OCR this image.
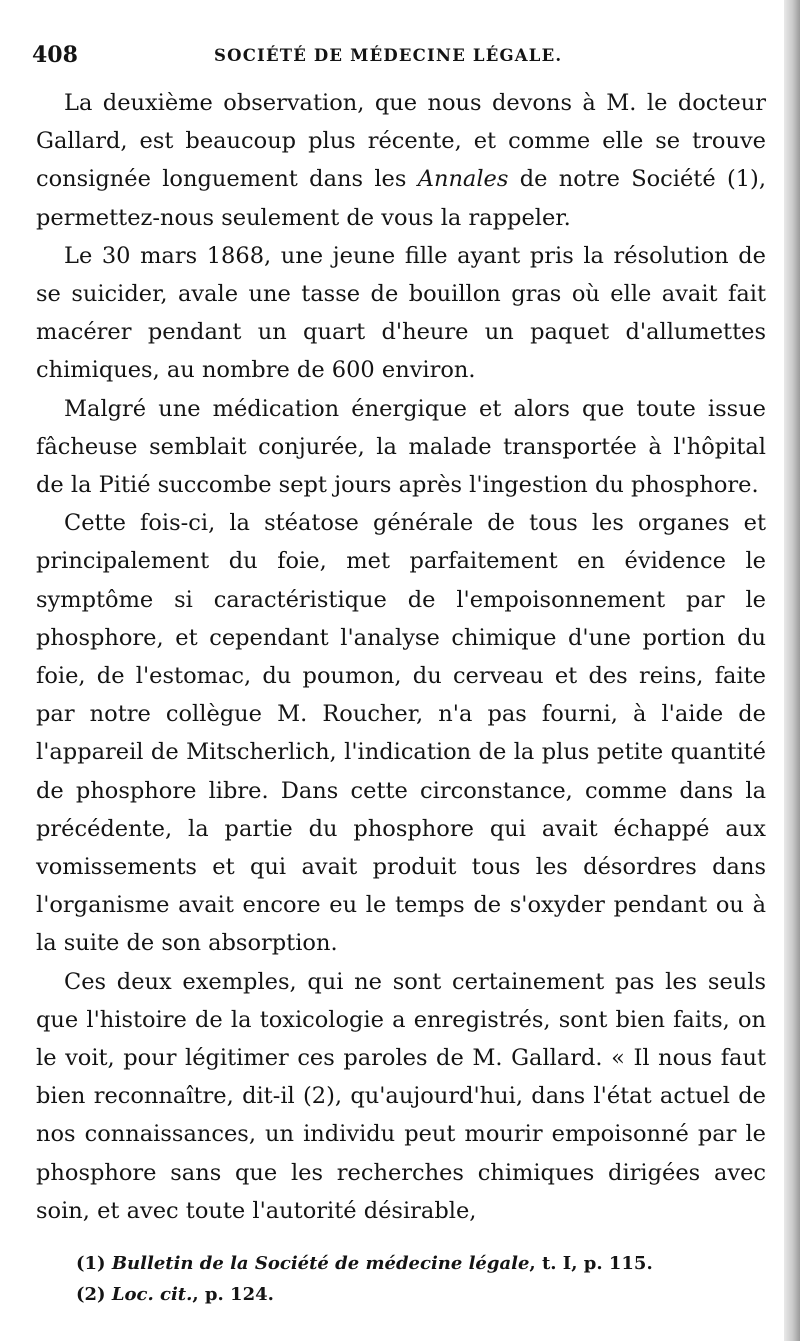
408	SOCIÉTÉ DE MÉDECINE LÉGALE.

La deuxième observation, que nous devons à M. le docteur Gallard, est beaucoup plus récente, et comme elle se trouve consignée longuement dans les Annales de notre Société (1), permettez-nous seulement de vous la rappeler.

Le 30 mars 1868, une jeune fille ayant pris la résolution de se suicider, avale une tasse de bouillon gras où elle avait fait macérer pendant un quart d'heure un paquet d'allumettes chimiques, au nombre de 600 environ.

Malgré une médication énergique et alors que toute issue fâcheuse semblait conjurée, la malade transportée à l'hôpital de la Pitié succombe sept jours après l'ingestion du phosphore.

Cette fois-ci, la stéatose générale de tous les organes et principalement du foie, met parfaitement en évidence le symptôme si caractéristique de l'empoisonnement par le phosphore, et cependant l'analyse chimique d'une portion du foie, de l'estomac, du poumon, du cerveau et des reins, faite par notre collègue M. Roucher, n'a pas fourni, à l'aide de l'appareil de Mitscherlich, l'indication de la plus petite quantité de phosphore libre. Dans cette circonstance, comme dans la précédente, la partie du phosphore qui avait échappé aux vomissements et qui avait produit tous les désordres dans l'organisme avait encore eu le temps de s'oxyder pendant ou à la suite de son absorption.

Ces deux exemples, qui ne sont certainement pas les seuls que l'histoire de la toxicologie a enregistrés, sont bien faits, on le voit, pour légitimer ces paroles de M. Gallard. « Il nous faut bien reconnaître, dit-il (2), qu'aujourd'hui, dans l'état actuel de nos connaissances, un individu peut mourir empoisonné par le phosphore sans que les recherches chimiques dirigées avec soin, et avec toute l'autorité désirable,

(1) Bulletin de la Société de médecine légale, t. I, p. 115.

(2) Loc. cit., p. 124.
